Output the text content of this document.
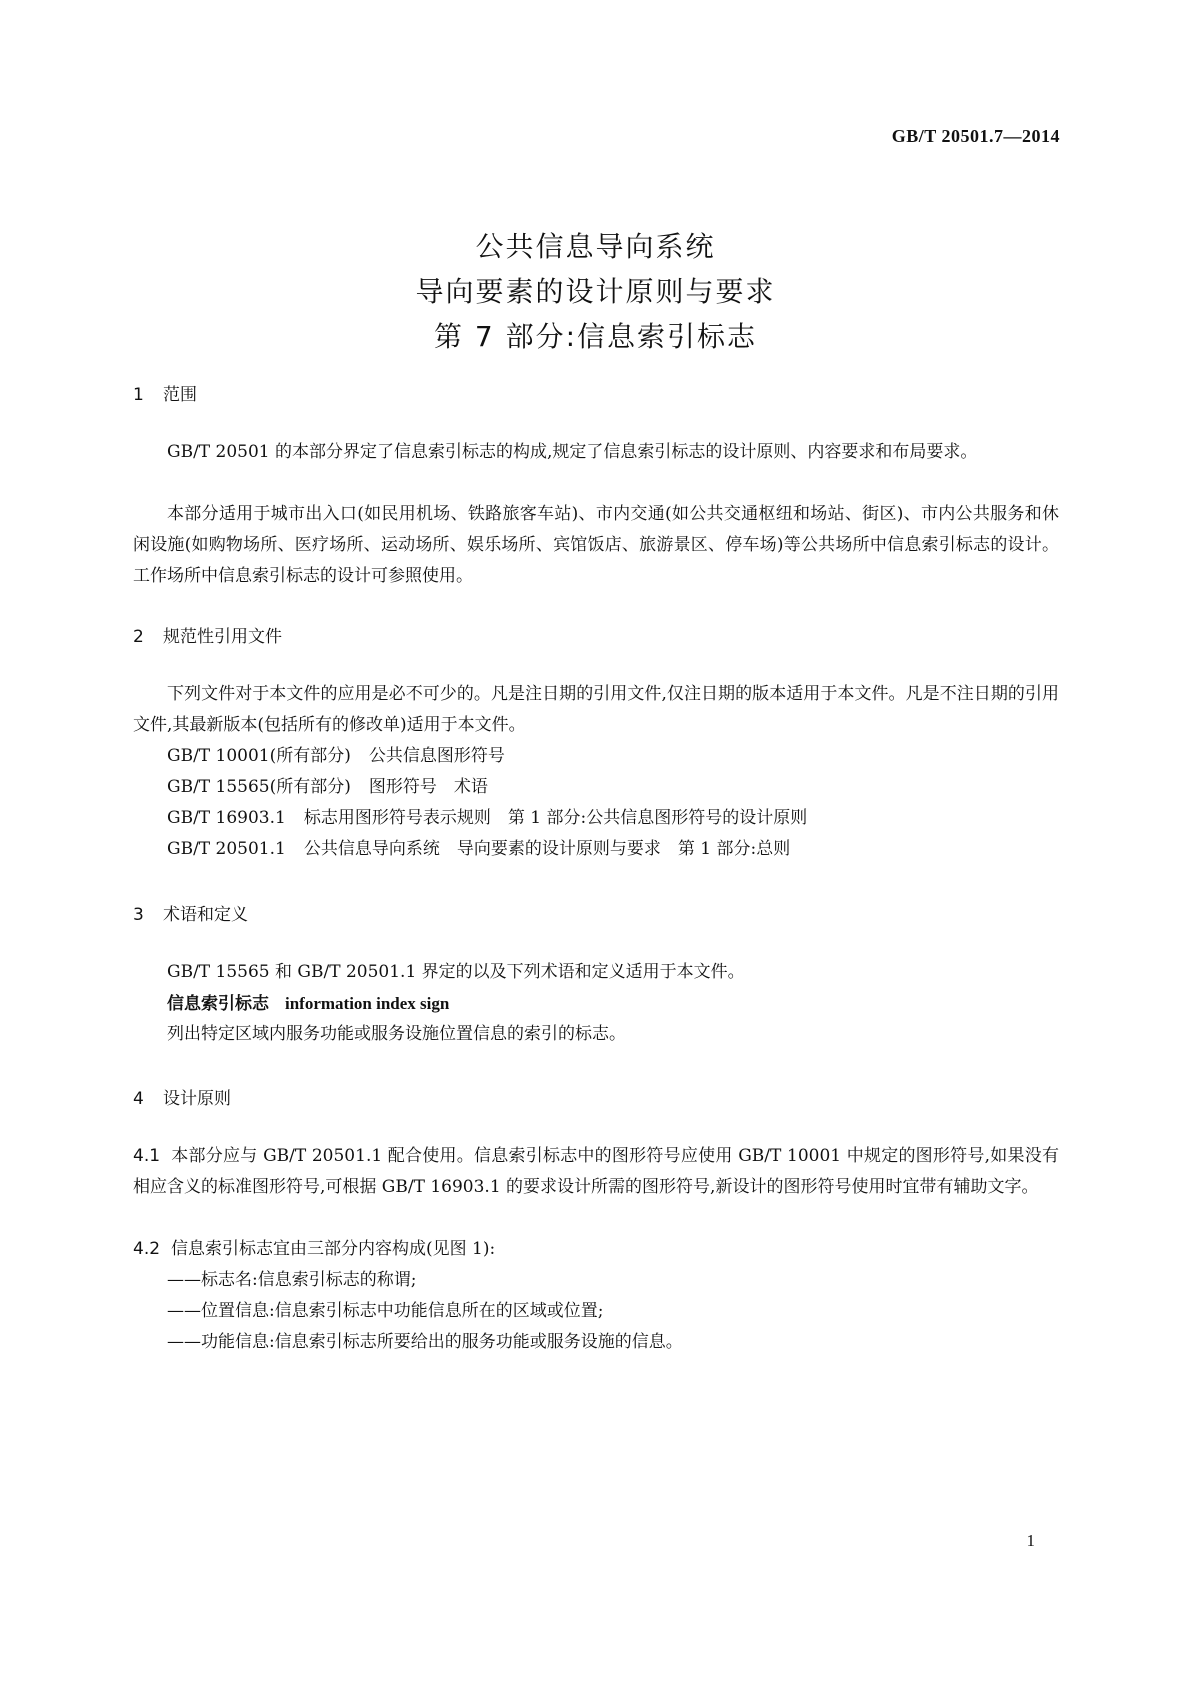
GB/T 20501.7—2014
公共信息导向系统
导向要素的设计原则与要求
第 7 部分:信息索引标志
1 范围
GB/T 20501 的本部分界定了信息索引标志的构成,规定了信息索引标志的设计原则、内容要求和布局要求。
本部分适用于城市出入口(如民用机场、铁路旅客车站)、市内交通(如公共交通枢纽和场站、街区)、市内公共服务和休闲设施(如购物场所、医疗场所、运动场所、娱乐场所、宾馆饭店、旅游景区、停车场)等公共场所中信息索引标志的设计。工作场所中信息索引标志的设计可参照使用。
2 规范性引用文件
下列文件对于本文件的应用是必不可少的。凡是注日期的引用文件,仅注日期的版本适用于本文件。凡是不注日期的引用文件,其最新版本(包括所有的修改单)适用于本文件。
GB/T 10001(所有部分) 公共信息图形符号
GB/T 15565(所有部分) 图形符号　术语
GB/T 16903.1 标志用图形符号表示规则　第 1 部分:公共信息图形符号的设计原则
GB/T 20501.1 公共信息导向系统　导向要素的设计原则与要求　第 1 部分:总则
3 术语和定义
GB/T 15565 和 GB/T 20501.1 界定的以及下列术语和定义适用于本文件。
信息索引标志 information index sign
列出特定区域内服务功能或服务设施位置信息的索引的标志。
4 设计原则
4.1 本部分应与 GB/T 20501.1 配合使用。信息索引标志中的图形符号应使用 GB/T 10001 中规定的图形符号,如果没有相应含义的标准图形符号,可根据 GB/T 16903.1 的要求设计所需的图形符号,新设计的图形符号使用时宜带有辅助文字。
4.2 信息索引标志宜由三部分内容构成(见图 1):
——标志名:信息索引标志的称谓;
——位置信息:信息索引标志中功能信息所在的区域或位置;
——功能信息:信息索引标志所要给出的服务功能或服务设施的信息。
1
